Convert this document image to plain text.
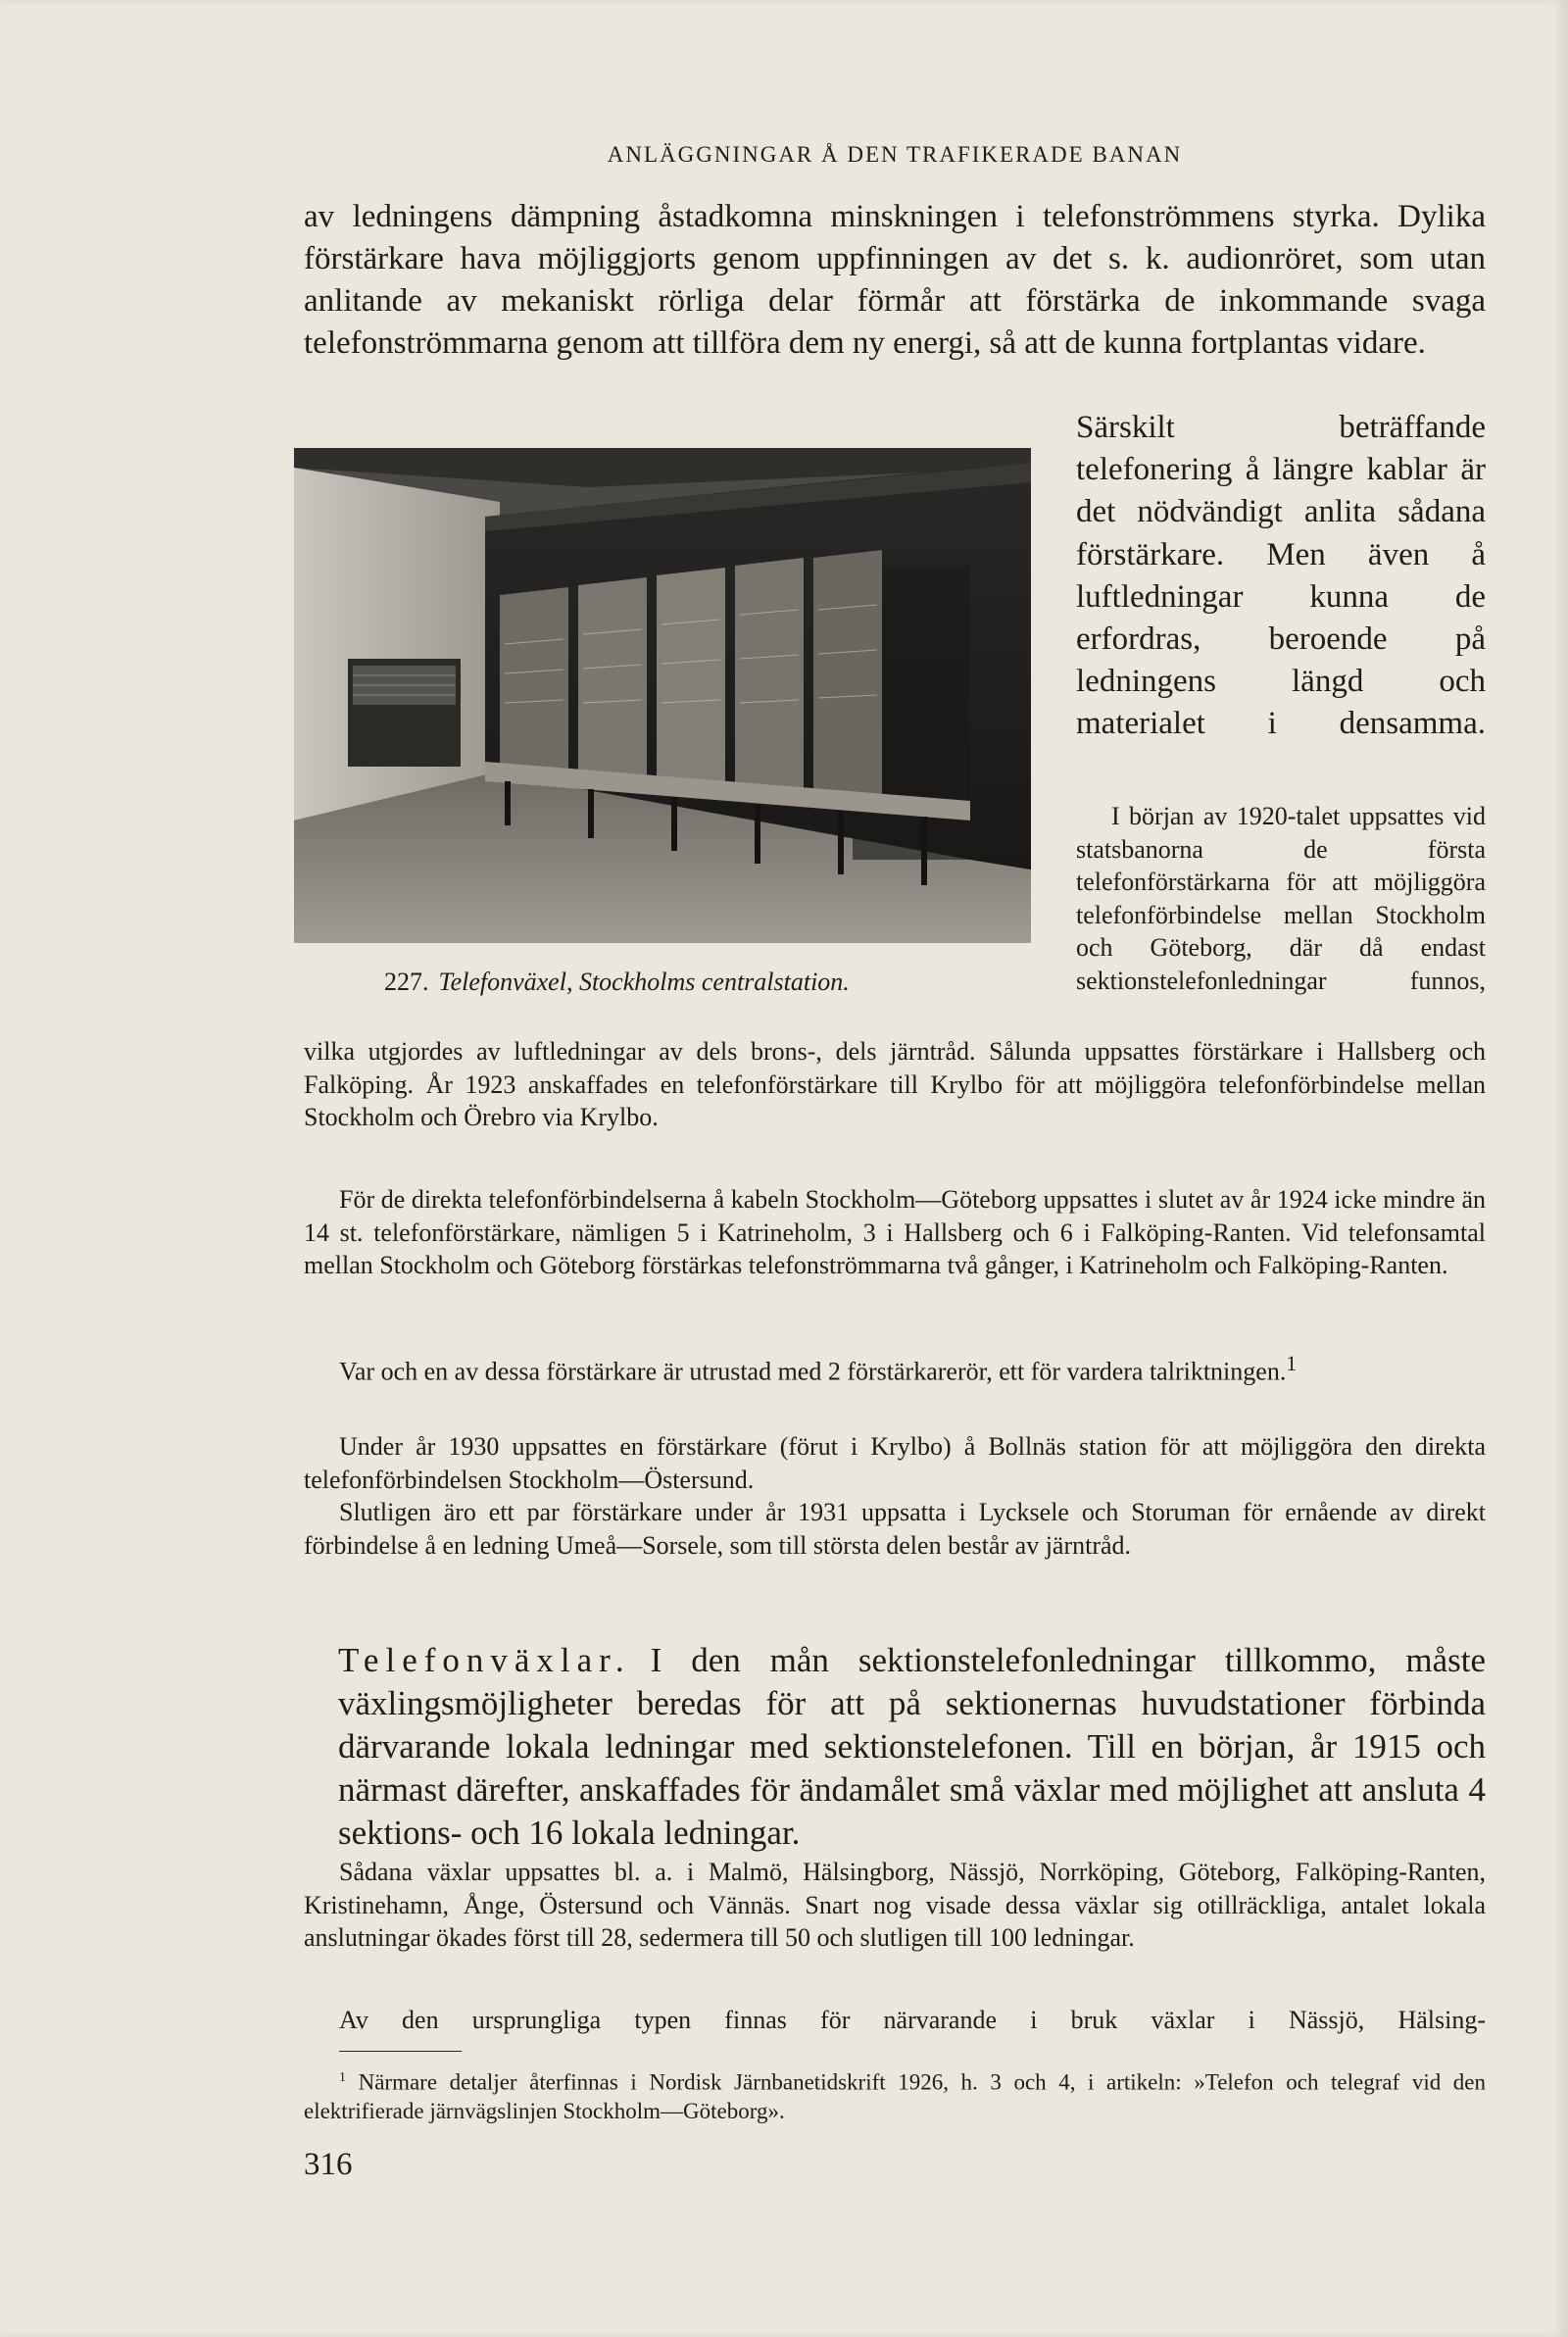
ANLÄGGNINGAR Å DEN TRAFIKERADE BANAN

av ledningens dämpning åstadkomna minskningen i telefonströmmens styrka. Dylika förstärkare hava möjliggjorts genom uppfinningen av det s. k. audionröret, som utan anlitande av mekaniskt rörliga delar förmår att förstärka de inkommande svaga telefonströmmarna genom att tillföra dem ny energi, så att de kunna fortplantas vidare.

227. Telefonväxel, Stockholms centralstation.

Särskilt beträffande telefonering å längre kablar är det nödvändigt anlita sådana förstärkare. Men även å luftledningar kunna de erfordras, beroende på ledningens längd och materialet i densamma.

I början av 1920-talet uppsattes vid statsbanorna de första telefonförstärkarna för att möjliggöra telefonförbindelse mellan Stockholm och Göteborg, där då endast sektionstelefonledningar funnos,

vilka utgjordes av luftledningar av dels brons-, dels järntråd. Sålunda uppsattes förstärkare i Hallsberg och Falköping. År 1923 anskaffades en telefonförstärkare till Krylbo för att möjliggöra telefonförbindelse mellan Stockholm och Örebro via Krylbo.

För de direkta telefonförbindelserna å kabeln Stockholm—Göteborg uppsattes i slutet av år 1924 icke mindre än 14 st. telefonförstärkare, nämligen 5 i Katrineholm, 3 i Hallsberg och 6 i Falköping-Ranten. Vid telefonsamtal mellan Stockholm och Göteborg förstärkas telefonströmmarna två gånger, i Katrineholm och Falköping-Ranten.

Var och en av dessa förstärkare är utrustad med 2 förstärkarerör, ett för vardera talriktningen.$^1$

Under år 1930 uppsattes en förstärkare (förut i Krylbo) å Bollnäs station för att möjliggöra den direkta telefonförbindelsen Stockholm—Östersund.

Slutligen äro ett par förstärkare under år 1931 uppsatta i Lycksele och Storuman för ernående av direkt förbindelse å en ledning Umeå—Sorsele, som till största delen består av järntråd.

Telefonväxlar. I den mån sektionstelefonledningar tillkommo, måste växlingsmöjligheter beredas för att på sektionernas huvudstationer förbinda därvarande lokala ledningar med sektionstelefonen. Till en början, år 1915 och närmast därefter, anskaffades för ändamålet små växlar med möjlighet att ansluta 4 sektions- och 16 lokala ledningar.

Sådana växlar uppsattes bl. a. i Malmö, Hälsingborg, Nässjö, Norrköping, Göteborg, Falköping-Ranten, Kristinehamn, Ånge, Östersund och Vännäs. Snart nog visade dessa växlar sig otillräckliga, antalet lokala anslutningar ökades först till 28, sedermera till 50 och slutligen till 100 ledningar.

Av den ursprungliga typen finnas för närvarande i bruk växlar i Nässjö, Hälsing-

$^1$ Närmare detaljer återfinnas i Nordisk Järnbanetidskrift 1926, h. 3 och 4, i artikeln: »Telefon och telegraf vid den elektrifierade järnvägslinjen Stockholm—Göteborg».

316
